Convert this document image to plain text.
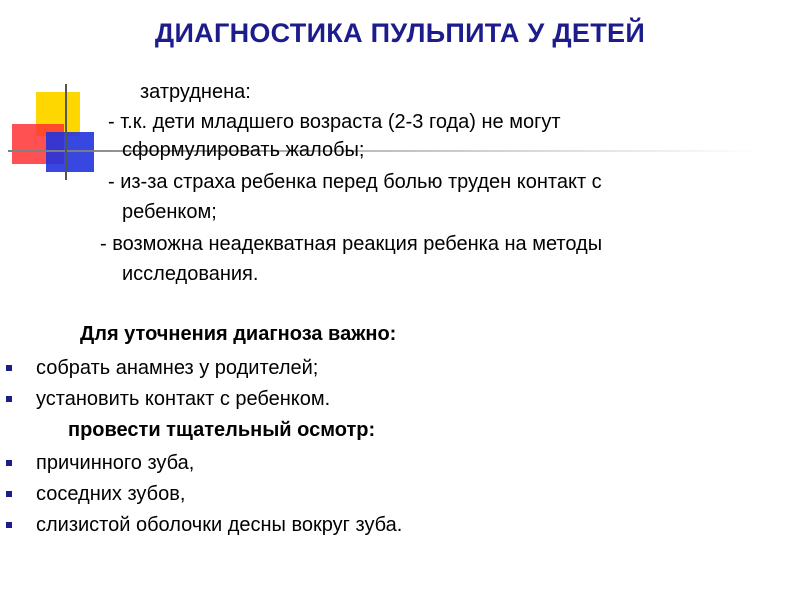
ДИАГНОСТИКА ПУЛЬПИТА У ДЕТЕЙ
затруднена:
- т.к. дети младшего возраста (2-3 года) не могут
сформулировать жалобы;
- из-за страха ребенка перед болью труден контакт с
ребенком;
- возможна неадекватная реакция ребенка на методы
исследования.
Для уточнения диагноза важно:
собрать анамнез у родителей;
установить контакт с ребенком.
провести тщательный осмотр:
причинного зуба,
соседних зубов,
слизистой оболочки десны вокруг зуба.
